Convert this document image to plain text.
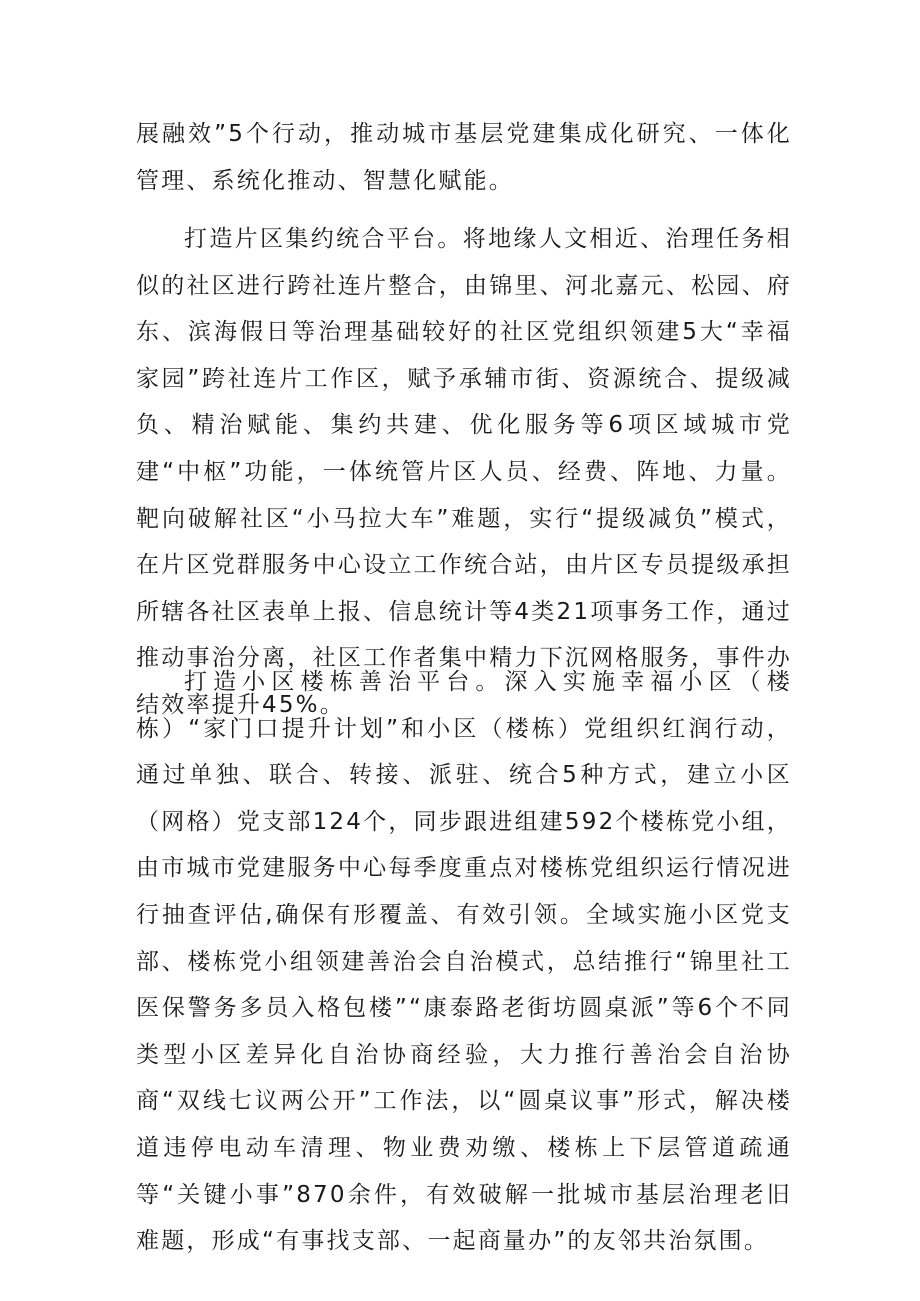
展融效”5个行动，推动城市基层党建集成化研究、一体化管理、系统化推动、智慧化赋能。

打造片区集约统合平台。将地缘人文相近、治理任务相似的社区进行跨社连片整合，由锦里、河北嘉元、松园、府东、滨海假日等治理基础较好的社区党组织领建5大“幸福家园”跨社连片工作区，赋予承辅市街、资源统合、提级减负、精治赋能、集约共建、优化服务等6项区域城市党建“中枢”功能，一体统管片区人员、经费、阵地、力量。靶向破解社区“小马拉大车”难题，实行“提级减负”模式，在片区党群服务中心设立工作统合站，由片区专员提级承担所辖各社区表单上报、信息统计等4类21项事务工作，通过推动事治分离，社区工作者集中精力下沉网格服务，事件办结效率提升45%。

打造小区楼栋善治平台。深入实施幸福小区（楼栋）“家门口提升计划”和小区（楼栋）党组织红润行动，通过单独、联合、转接、派驻、统合5种方式，建立小区（网格）党支部124个，同步跟进组建592个楼栋党小组，由市城市党建服务中心每季度重点对楼栋党组织运行情况进行抽查评估,确保有形覆盖、有效引领。全域实施小区党支部、楼栋党小组领建善治会自治模式，总结推行“锦里社工医保警务多员入格包楼”“康泰路老街坊圆桌派”等6个不同类型小区差异化自治协商经验，大力推行善治会自治协商“双线七议两公开”工作法，以“圆桌议事”形式，解决楼道违停电动车清理、物业费劝缴、楼栋上下层管道疏通等“关键小事”870余件，有效破解一批城市基层治理老旧难题，形成“有事找支部、一起商量办”的友邻共治氛围。
